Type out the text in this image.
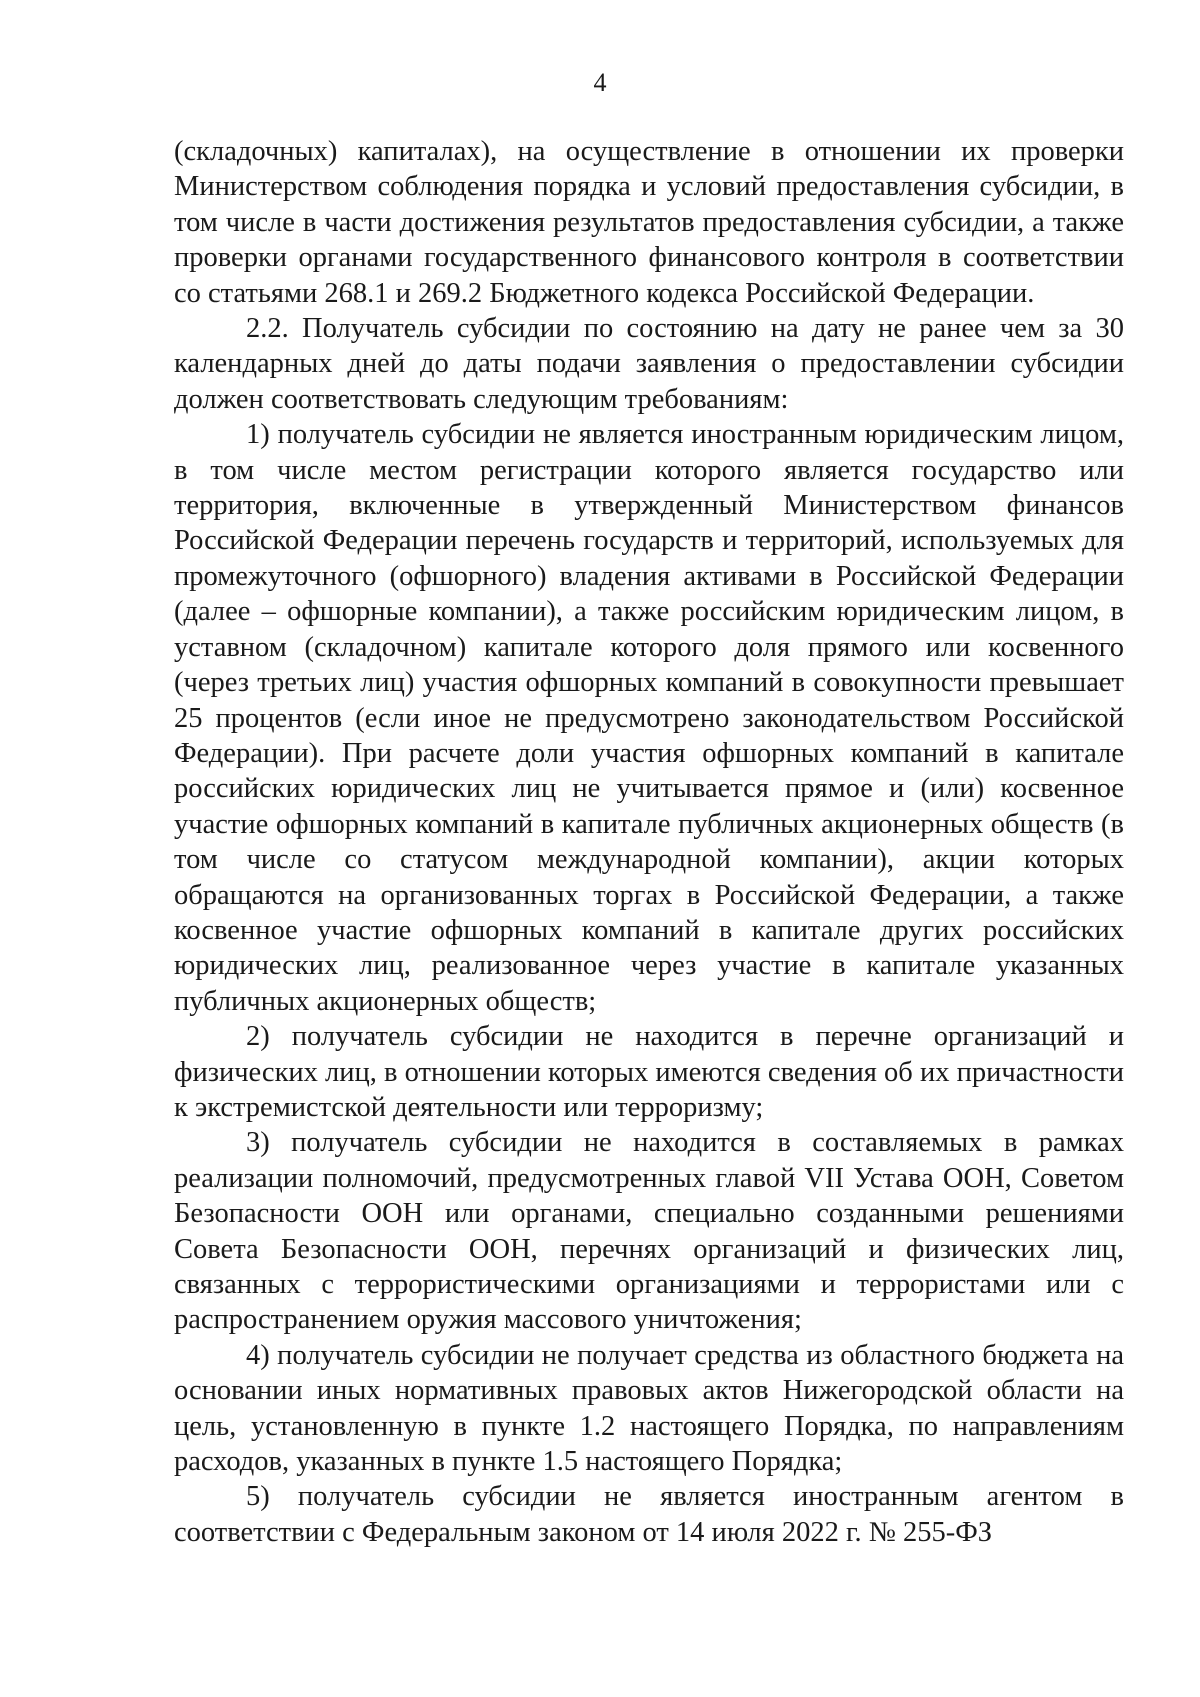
4

(складочных) капиталах), на осуществление в отношении их проверки Министерством соблюдения порядка и условий предоставления субсидии, в том числе в части достижения результатов предоставления субсидии, а также проверки органами государственного финансового контроля в соответствии со статьями 268.1 и 269.2 Бюджетного кодекса Российской Федерации.

2.2. Получатель субсидии по состоянию на дату не ранее чем за 30 календарных дней до даты подачи заявления о предоставлении субсидии должен соответствовать следующим требованиям:

1) получатель субсидии не является иностранным юридическим лицом, в том числе местом регистрации которого является государство или территория, включенные в утвержденный Министерством финансов Российской Федерации перечень государств и территорий, используемых для промежуточного (офшорного) владения активами в Российской Федерации (далее – офшорные компании), а также российским юридическим лицом, в уставном (складочном) капитале которого доля прямого или косвенного (через третьих лиц) участия офшорных компаний в совокупности превышает 25 процентов (если иное не предусмотрено законодательством Российской Федерации). При расчете доли участия офшорных компаний в капитале российских юридических лиц не учитывается прямое и (или) косвенное участие офшорных компаний в капитале публичных акционерных обществ (в том числе со статусом международной компании), акции которых обращаются на организованных торгах в Российской Федерации, а также косвенное участие офшорных компаний в капитале других российских юридических лиц, реализованное через участие в капитале указанных публичных акционерных обществ;

2) получатель субсидии не находится в перечне организаций и физических лиц, в отношении которых имеются сведения об их причастности к экстремистской деятельности или терроризму;

3) получатель субсидии не находится в составляемых в рамках реализации полномочий, предусмотренных главой VII Устава ООН, Советом Безопасности ООН или органами, специально созданными решениями Совета Безопасности ООН, перечнях организаций и физических лиц, связанных с террористическими организациями и террористами или с распространением оружия массового уничтожения;

4) получатель субсидии не получает средства из областного бюджета на основании иных нормативных правовых актов Нижегородской области на цель, установленную в пункте 1.2 настоящего Порядка, по направлениям расходов, указанных в пункте 1.5 настоящего Порядка;

5) получатель субсидии не является иностранным агентом в соответствии с Федеральным законом от 14 июля 2022 г. № 255-ФЗ
